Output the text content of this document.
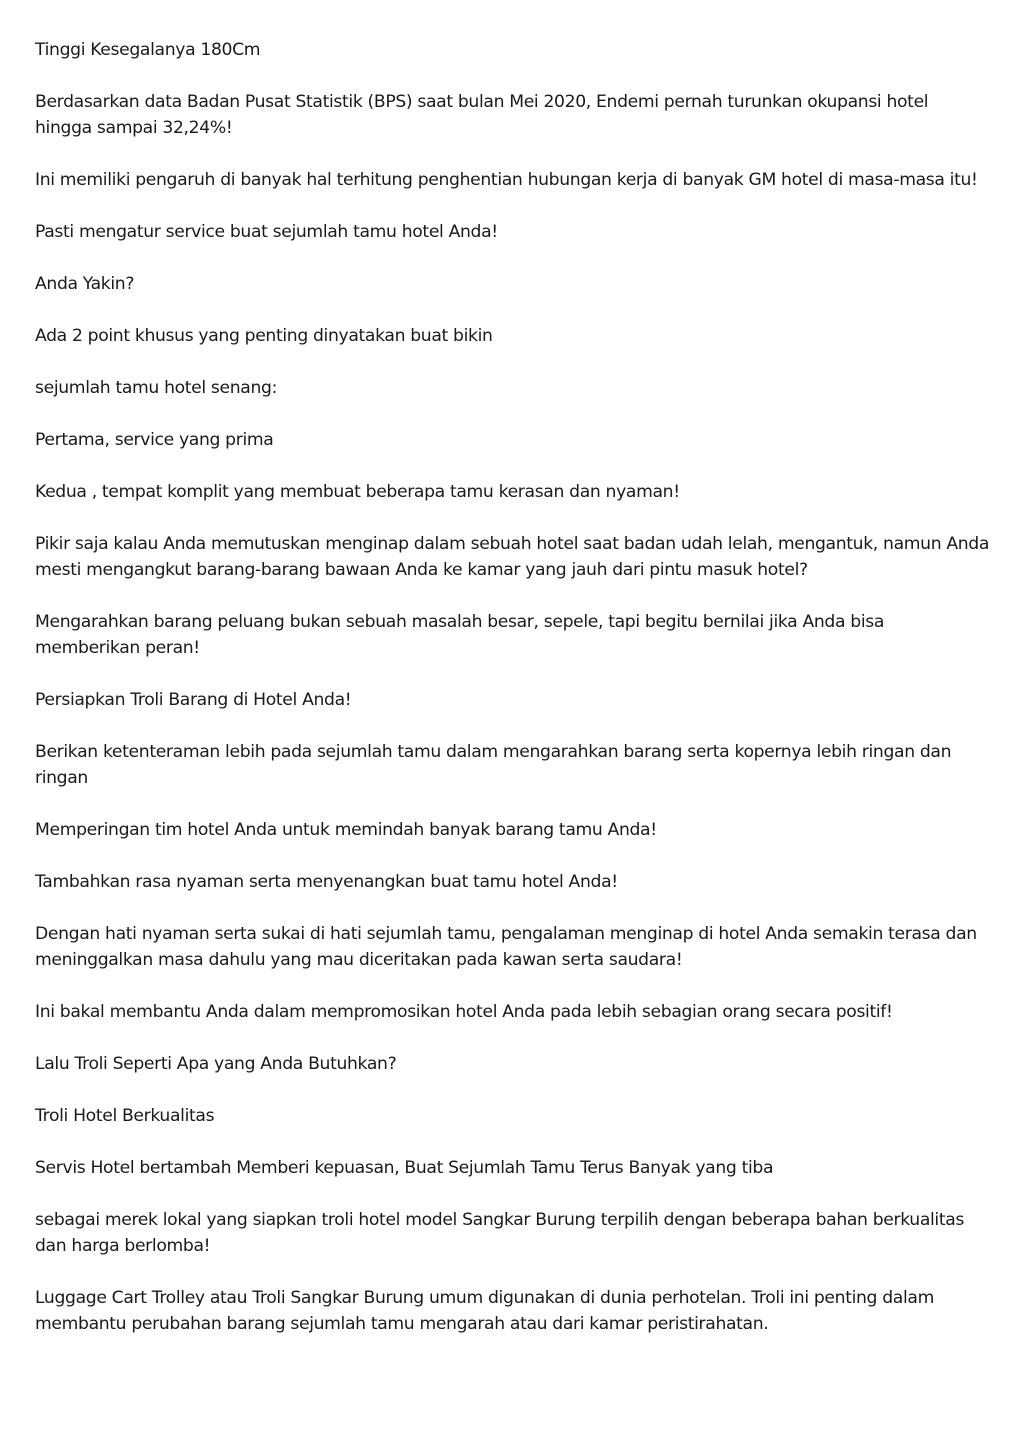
Tinggi Kesegalanya 180Cm

Berdasarkan data Badan Pusat Statistik (BPS) saat bulan Mei 2020, Endemi pernah turunkan okupansi hotel hingga sampai 32,24%!

Ini memiliki pengaruh di banyak hal terhitung penghentian hubungan kerja di banyak GM hotel di masa-masa itu!

Pasti mengatur service buat sejumlah tamu hotel Anda!

Anda Yakin?

Ada 2 point khusus yang penting dinyatakan buat bikin

sejumlah tamu hotel senang:

Pertama, service yang prima

Kedua , tempat komplit yang membuat beberapa tamu kerasan dan nyaman!

Pikir saja kalau Anda memutuskan menginap dalam sebuah hotel saat badan udah lelah, mengantuk, namun Anda mesti mengangkut barang-barang bawaan Anda ke kamar yang jauh dari pintu masuk hotel?

Mengarahkan barang peluang bukan sebuah masalah besar, sepele, tapi begitu bernilai jika Anda bisa memberikan peran!

Persiapkan Troli Barang di Hotel Anda!

Berikan ketenteraman lebih pada sejumlah tamu dalam mengarahkan barang serta kopernya lebih ringan dan ringan

Memperingan tim hotel Anda untuk memindah banyak barang tamu Anda!

Tambahkan rasa nyaman serta menyenangkan buat tamu hotel Anda!

Dengan hati nyaman serta sukai di hati sejumlah tamu, pengalaman menginap di hotel Anda semakin terasa dan meninggalkan masa dahulu yang mau diceritakan pada kawan serta saudara!

Ini bakal membantu Anda dalam mempromosikan hotel Anda pada lebih sebagian orang secara positif!

Lalu Troli Seperti Apa yang Anda Butuhkan?

Troli Hotel Berkualitas

Servis Hotel bertambah Memberi kepuasan, Buat Sejumlah Tamu Terus Banyak yang tiba

sebagai merek lokal yang siapkan troli hotel model Sangkar Burung terpilih dengan beberapa bahan berkualitas dan harga berlomba!

Luggage Cart Trolley atau Troli Sangkar Burung umum digunakan di dunia perhotelan. Troli ini penting dalam membantu perubahan barang sejumlah tamu mengarah atau dari kamar peristirahatan.
